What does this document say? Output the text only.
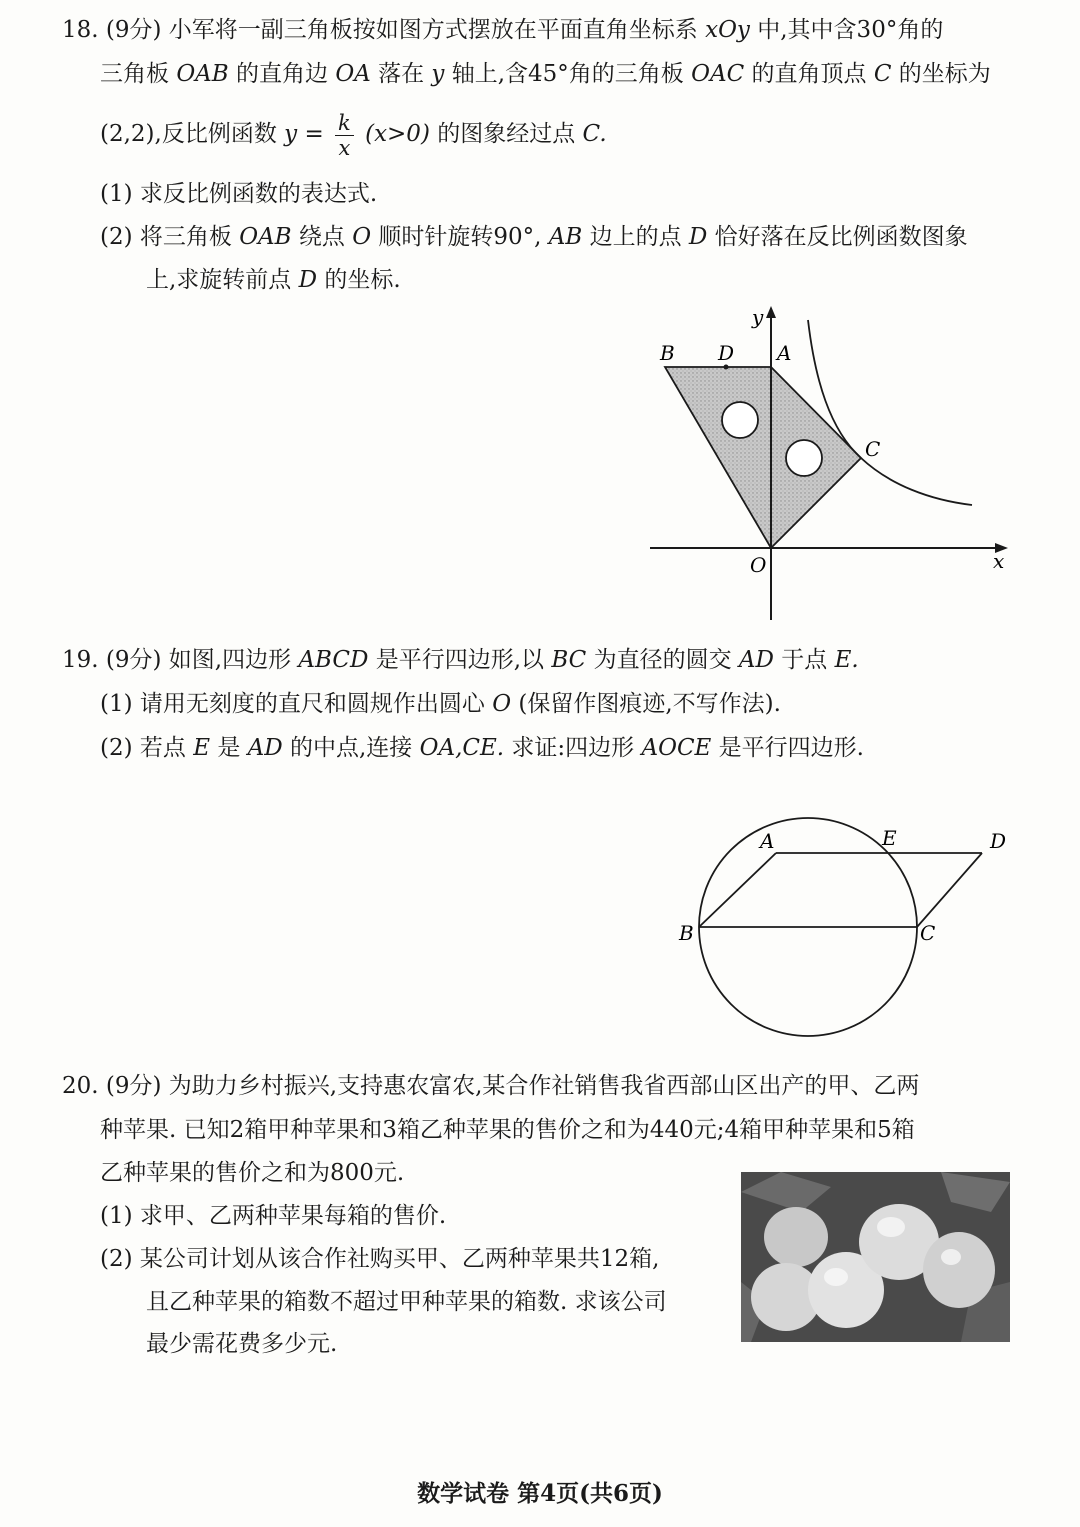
18. (9分) 小军将一副三角板按如图方式摆放在平面直角坐标系 xOy 中,其中含30°角的
三角板 OAB 的直角边 OA 落在 y 轴上,含45°角的三角板 OAC 的直角顶点 C 的坐标为
(2,2),反比例函数 $y = \frac{k}{x} (x>0)$ 的图象经过点 C.
(1) 求反比例函数的表达式.
(2) 将三角板 OAB 绕点 O 顺时针旋转90°, AB 边上的点 D 恰好落在反比例函数图象
上,求旋转前点 D 的坐标.
B D A
y
C
O	x
19. (9分) 如图,四边形 ABCD 是平行四边形,以 BC 为直径的圆交 AD 于点 E.
(1) 请用无刻度的直尺和圆规作出圆心 O (保留作图痕迹,不写作法).
(2) 若点 E 是 AD 的中点,连接 OA,CE. 求证:四边形 AOCE 是平行四边形.
A	E	D
B	C
20. (9分) 为助力乡村振兴,支持惠农富农,某合作社销售我省西部山区出产的甲、乙两
种苹果. 已知2箱甲种苹果和3箱乙种苹果的售价之和为440元;4箱甲种苹果和5箱
乙种苹果的售价之和为800元.
(1) 求甲、乙两种苹果每箱的售价.
(2) 某公司计划从该合作社购买甲、乙两种苹果共12箱,
且乙种苹果的箱数不超过甲种苹果的箱数. 求该公司
最少需花费多少元.
数学试卷 第4页(共6页)
